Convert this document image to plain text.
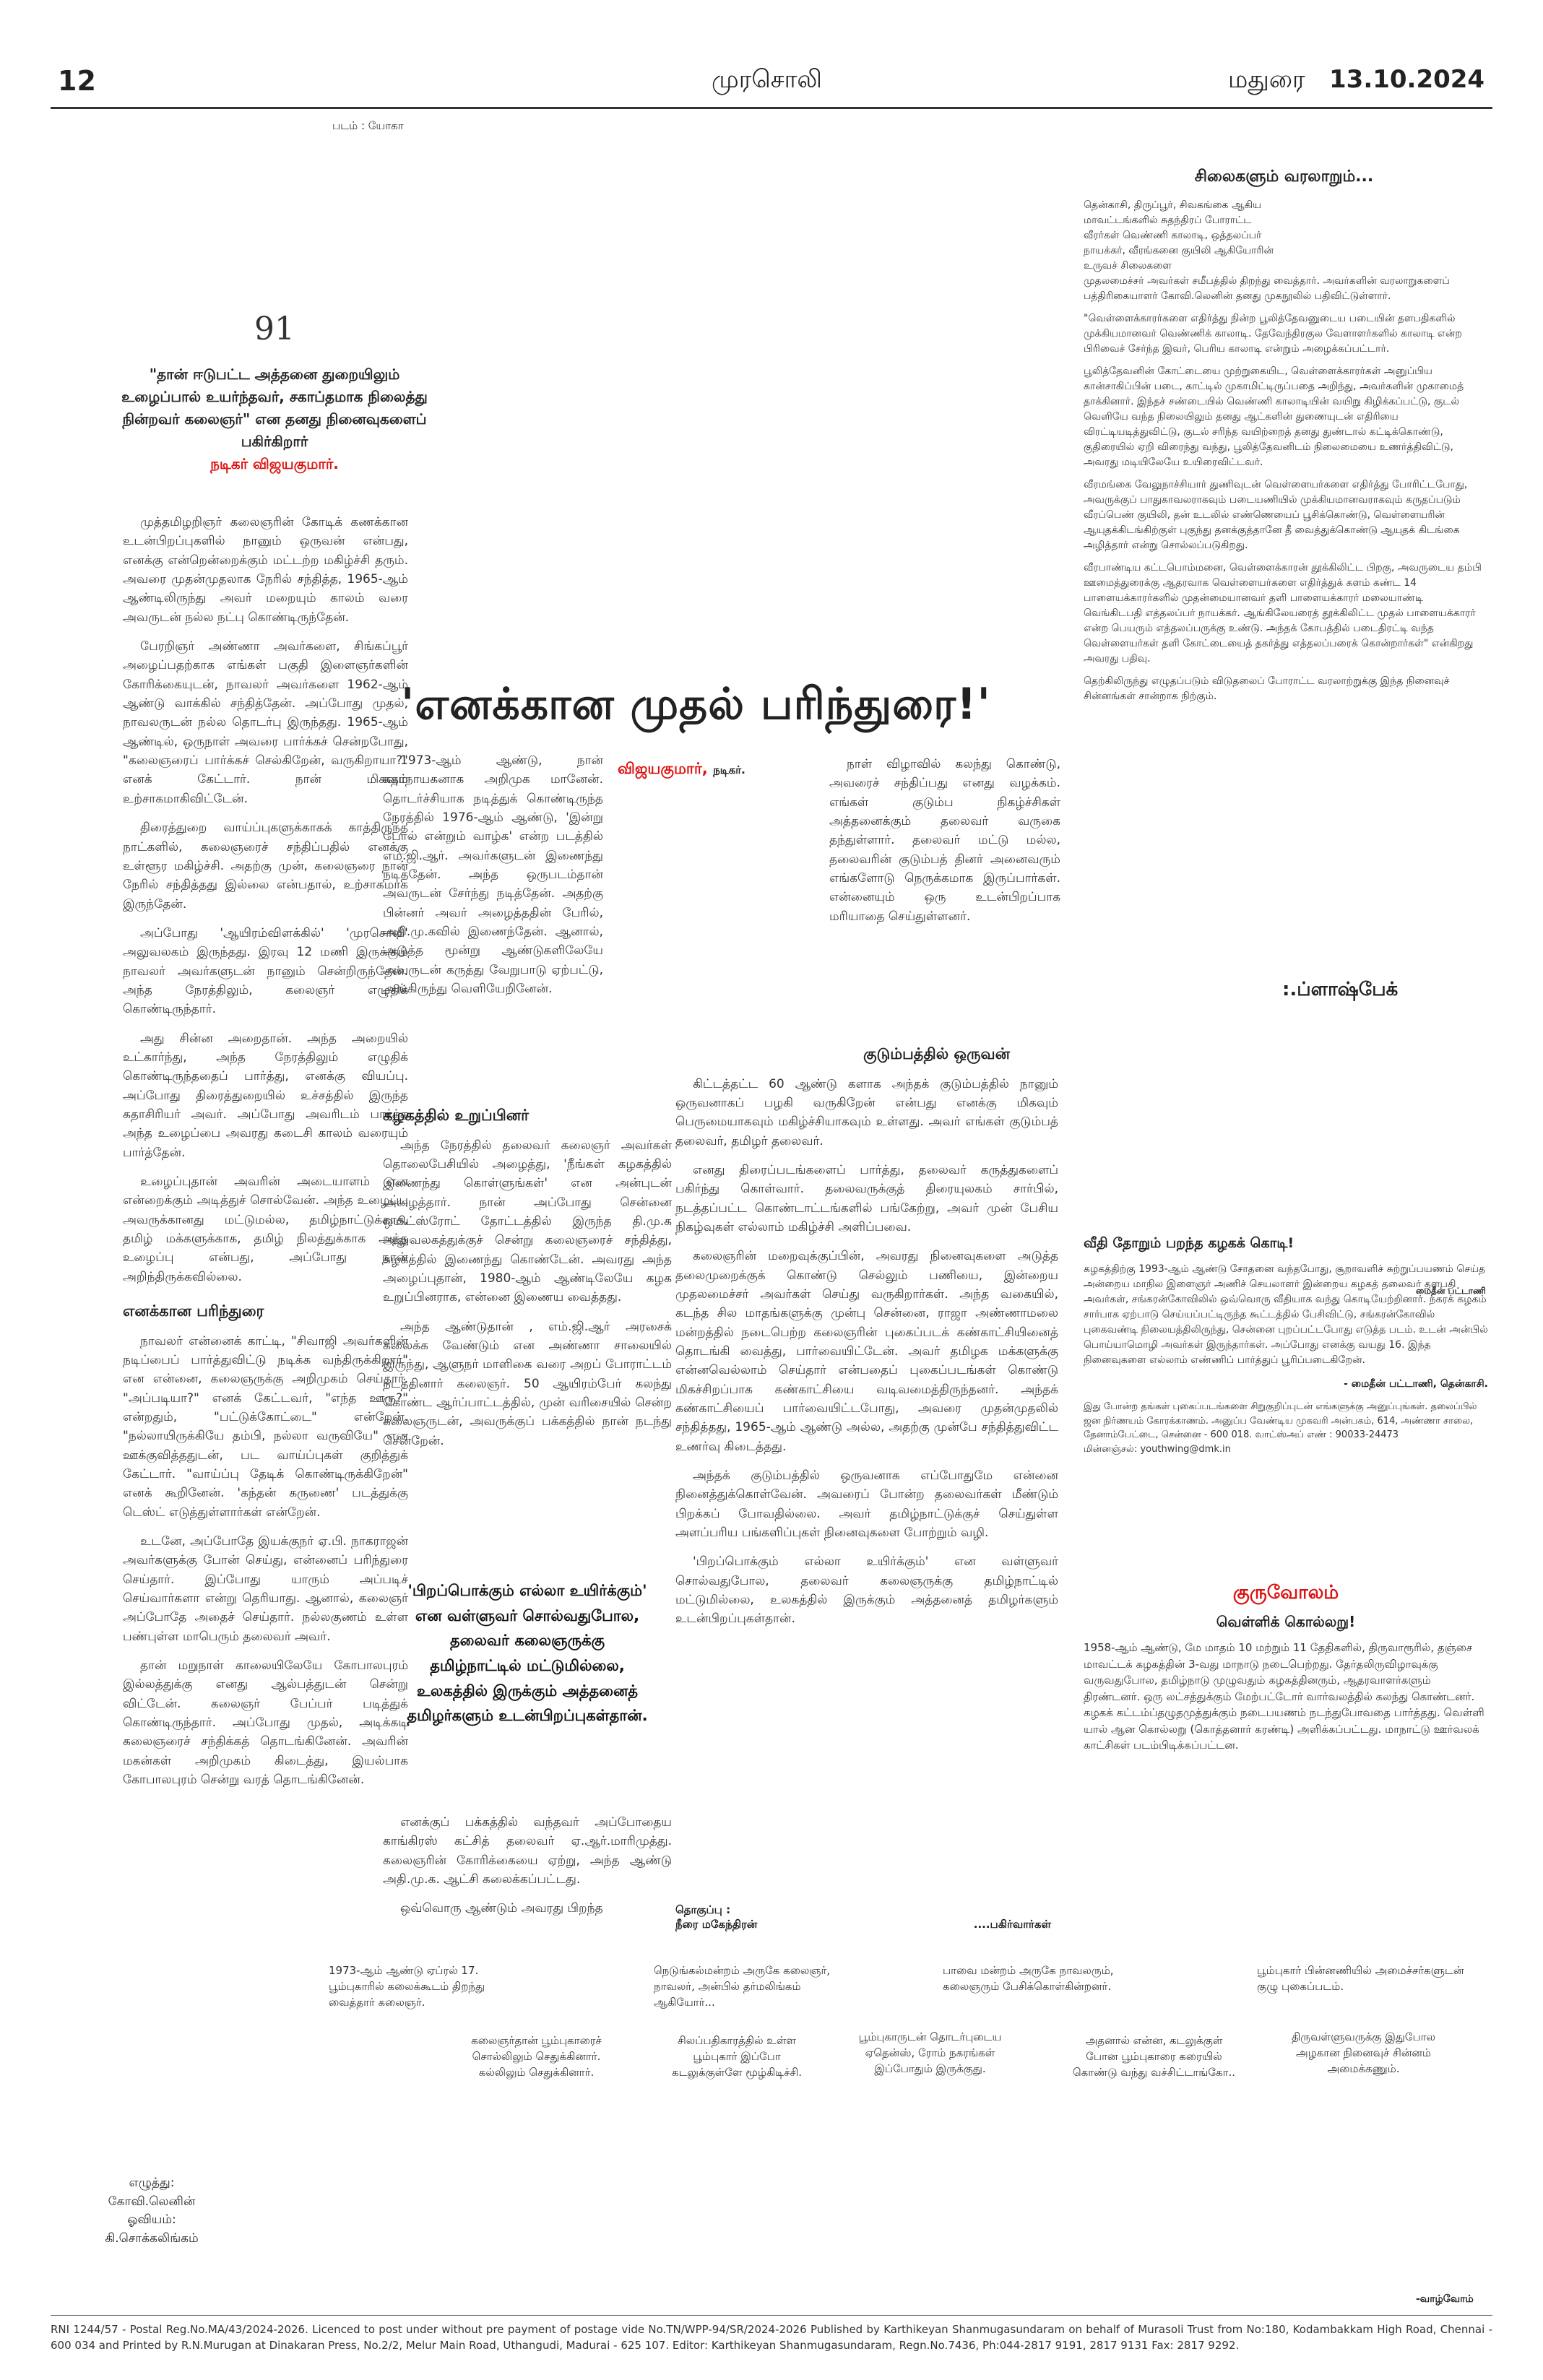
12	முரசொலி	மதுரை 13.10.2024
படம் : யோகா
91
"தான் ஈடுபட்ட அத்தனை துறையிலும் உழைப்பால் உயர்ந்தவர், சகாப்தமாக நிலைத்து நின்றவர் கலைஞர்" என தனது நினைவுகளைப் பகிர்கிறார்
நடிகர் விஜயகுமார்.
'எனக்கான முதல் பரிந்துரை!'

முத்தமிழறிஞர் கலைஞரின் கோடிக் கணக்கான உடன்பிறப்புகளில் நானும் ஒருவன் என்பது, எனக்கு என்றென்றைக்கும் மட்டற்ற மகிழ்ச்சி தரும். அவரை முதன்முதலாக நேரில் சந்தித்த, 1965-ஆம் ஆண்டிலிருந்து அவர் மறையும் காலம் வரை அவருடன் நல்ல நட்பு கொண்டிருந்தேன்.

பேரறிஞர் அண்ணா அவர்களை, சிங்கப்பூர் அழைப்பதற்காக எங்கள் பகுதி இளைஞர்களின் கோரிக்கையுடன், நாவலர் அவர்களை 1962-ஆம் ஆண்டு வாக்கில் சந்தித்தேன். அப்போது முதல், நாவலருடன் நல்ல தொடர்பு இருந்தது. 1965-ஆம் ஆண்டில், ஒருநாள் அவரை பார்க்கச் சென்றபோது, "கலைஞரைப் பார்க்கச் செல்கிறேன், வருகிறாயா?" எனக் கேட்டார். நான் மிகவும் உற்சாகமாகிவிட்டேன்.

திரைத்துறை வாய்ப்புகளுக்காகக் காத்திருந்த நாட்களில், கலைஞரைச் சந்திப்பதில் எனக்கு உள்ளூர மகிழ்ச்சி. அதற்கு முன், கலைஞரை நான் நேரில் சந்தித்தது இல்லை என்பதால், உற்சாகமாக இருந்தேன்.

அப்போது 'ஆயிரம்விளக்கில்' 'முரசொலி' அலுவலகம் இருந்தது. இரவு 12 மணி இருக்கும் நாவலர் அவர்களுடன் நானும் சென்றிருந்தேன். அந்த நேரத்திலும், கலைஞர் எழுதிக் கொண்டிருந்தார்.

அது சின்ன அறைதான். அந்த அறையில் உட்கார்ந்து, அந்த நேரத்திலும் எழுதிக் கொண்டிருந்ததைப் பார்த்து, எனக்கு வியப்பு. அப்போது திரைத்துறையில் உச்சத்தில் இருந்த கதாசிரியர் அவர். அப்போது அவரிடம் பார்த்த அந்த உழைப்பை அவரது கடைசி காலம் வரையும் பார்த்தேன்.

உழைப்புதான் அவரின் அடையாளம் என என்றைக்கும் அடித்துச் சொல்வேன். அந்த உழைப்பு அவருக்கானது மட்டுமல்ல, தமிழ்நாட்டுக்காக, தமிழ் மக்களுக்காக, தமிழ் நிலத்துக்காக அந்த உழைப்பு என்பது, அப்போது நான் அறிந்திருக்கவில்லை.

எனக்கான பரிந்துரை

நாவலர் என்னைக் காட்டி, "சிவாஜி அவர்களின் நடிப்பைப் பார்த்துவிட்டு நடிக்க வந்திருக்கிறார்" என என்னை, கலைஞருக்கு அறிமுகம் செய்தார். "அப்படியா?" எனக் கேட்டவர், "எந்த ஊரு?" என்றதும், "பட்டுக்கோட்டை" என்றேன். "நல்லாயிருக்கியே தம்பி, நல்லா வருவியே" என ஊக்குவித்ததுடன், பட வாய்ப்புகள் குறித்துக் கேட்டார். "வாய்ப்பு தேடிக் கொண்டிருக்கிறேன்" எனக் கூறினேன். 'கந்தன் கருணை' படத்துக்கு டெஸ்ட் எடுத்துள்ளார்கள் என்றேன்.

உடனே, அப்போதே இயக்குநர் ஏ.பி. நாகராஜன் அவர்களுக்கு போன் செய்து, என்னைப் பரிந்துரை செய்தார். இப்போது யாரும் அப்படிச் செய்வார்களா என்று தெரியாது. ஆனால், கலைஞர் அப்போதே அதைச் செய்தார். நல்லகுணம் உள்ள பண்புள்ள மாபெரும் தலைவர் அவர்.

தான் மறுநாள் காலையிலேயே கோபாலபுரம் இல்லத்துக்கு எனது ஆல்பத்துடன் சென்று விட்டேன். கலைஞர் பேப்பர் படித்துக் கொண்டிருந்தார். அப்போது முதல், அடிக்கடி கலைஞரைச் சந்திக்கத் தொடங்கினேன். அவரின் மகன்கள் அறிமுகம் கிடைத்து, இயல்பாக கோபாலபுரம் சென்று வரத் தொடங்கினேன்.

1973-ஆம் ஆண்டு, நான் கதாநாயகனாக அறிமுக மானேன். தொடர்ச்சியாக நடித்துக் கொண்டிருந்த நேரத்தில் 1976-ஆம் ஆண்டு, 'இன்று போல் என்றும் வாழ்க' என்ற படத்தில் எம்.ஜி.ஆர். அவர்களுடன் இணைந்து நடித்தேன். அந்த ஒருபடம்தான் அவருடன் சேர்ந்து நடித்தேன். அதற்கு பின்னர் அவர் அழைத்ததின் பேரில், அதி.மு.கவில் இணைந்தேன். ஆனால், அடுத்த மூன்று ஆண்டுகளிலேயே அவருடன் கருத்து வேறுபாடு ஏற்பட்டு, அங்கிருந்து வெளியேறினேன்.

கழகத்தில் உறுப்பினர்

அந்த நேரத்தில் தலைவர் கலைஞர் அவர்கள் தொலைபேசியில் அழைத்து, 'நீங்கள் கழகத்தில் இணைந்து கொள்ளுங்கள்' என அன்புடன் அழைத்தார். நான் அப்போது சென்னை ஒயிட்ஸ்ரோட் தோட்டத்தில் இருந்த தி.மு.க அலுவலகத்துக்குச் சென்று கலைஞரைச் சந்தித்து, கழகத்தில் இணைந்து கொண்டேன். அவரது அந்த அழைப்புதான், 1980-ஆம் ஆண்டிலேயே கழக உறுப்பினராக, என்னை இணைய வைத்தது.

அந்த ஆண்டுதான் , எம்.ஜி.ஆர் அரசைக் கலைக்க வேண்டும் என அண்ணா சாலையில் இருந்து, ஆளுநர் மாளிகை வரை அறப் போராட்டம் நடத்தினார் கலைஞர். 50 ஆயிரம்பேர் கலந்து கொண்ட ஆர்ப்பாட்டத்தில், முன் வரிசையில் சென்ற கலைஞருடன், அவருக்குப் பக்கத்தில் நான் நடந்து சென்றேன்.

'பிறப்பொக்கும் எல்லா உயிர்க்கும்' என வள்ளுவர் சொல்வதுபோல, தலைவர் கலைஞருக்கு தமிழ்நாட்டில் மட்டுமில்லை, உலகத்தில் இருக்கும் அத்தனைத் தமிழர்களும் உடன்பிறப்புகள்தான்.

எனக்குப் பக்கத்தில் வந்தவர் அப்போதைய காங்கிரஸ் கட்சித் தலைவர் ஏ.ஆர்.மாரிமுத்து. கலைஞரின் கோரிக்கையை ஏற்று, அந்த ஆண்டு அதி.மு.க. ஆட்சி கலைக்கப்பட்டது.

ஒவ்வொரு ஆண்டும் அவரது பிறந்த

விஜயகுமார், நடிகர்.	நாள் விழாவில் கலந்து கொண்டு, அவரைச் சந்திப்பது எனது வழக்கம். எங்கள் குடும்ப நிகழ்ச்சிகள் அத்தனைக்கும் தலைவர் வருகை தந்துள்ளார். தலைவர் மட்டு மல்ல, தலைவரின் குடும்பத் தினர் அனைவரும் எங்களோடு நெருக்கமாக இருப்பார்கள். என்னையும் ஒரு உடன்பிறப்பாக மரியாதை செய்துள்ளனர்.

குடும்பத்தில் ஒருவன்

கிட்டத்தட்ட 60 ஆண்டு களாக அந்தக் குடும்பத்தில் நானும் ஒருவனாகப் பழகி வருகிறேன் என்பது எனக்கு மிகவும் பெருமையாகவும் மகிழ்ச்சியாகவும் உள்ளது. அவர் எங்கள் குடும்பத் தலைவர், தமிழர் தலைவர்.

எனது திரைப்படங்களைப் பார்த்து, தலைவர் கருத்துகளைப் பகிர்ந்து கொள்வார். தலைவருக்குத் திரையுலகம் சார்பில், நடத்தப்பட்ட கொண்டாட்டங்களில் பங்கேற்று, அவர் முன் பேசிய நிகழ்வுகள் எல்லாம் மகிழ்ச்சி அளிப்பவை.

கலைஞரின் மறைவுக்குப்பின், அவரது நினைவுகளை அடுத்த தலைமுறைக்குக் கொண்டு செல்லும் பணியை, இன்றைய முதலமைச்சர் அவர்கள் செய்து வருகிறார்கள். அந்த வகையில், கடந்த சில மாதங்களுக்கு முன்பு சென்னை, ராஜா அண்ணாமலை மன்றத்தில் நடைபெற்ற கலைஞரின் புகைப்படக் கண்காட்சியினைத் தொடங்கி வைத்து, பார்வையிட்டேன். அவர் தமிழக மக்களுக்கு என்னவெல்லாம் செய்தார் என்பதைப் புகைப்படங்கள் கொண்டு மிகச்சிறப்பாக கண்காட்சியை வடிவமைத்திருந்தனர். அந்தக் கண்காட்சியைப் பார்வையிட்டபோது, அவரை முதன்முதலில் சந்தித்தது, 1965-ஆம் ஆண்டு அல்ல, அதற்கு முன்பே சந்தித்துவிட்ட உணர்வு கிடைத்தது.

அந்தக் குடும்பத்தில் ஒருவனாக எப்போதுமே என்னை நினைத்துக்கொள்வேன். அவரைப் போன்ற தலைவர்கள் மீண்டும் பிறக்கப் போவதில்லை. அவர் தமிழ்நாட்டுக்குச் செய்துள்ள அளப்பரிய பங்களிப்புகள் நினைவுகளை போற்றும் வழி.

'பிறப்பொக்கும் எல்லா உயிர்க்கும்' என வள்ளுவர் சொல்வதுபோல, தலைவர் கலைஞருக்கு தமிழ்நாட்டில் மட்டுமில்லை, உலகத்தில் இருக்கும் அத்தனைத் தமிழர்களும் உடன்பிறப்புகள்தான்.

தொகுப்பு :
நீரை மகேந்திரன்	....பகிர்வார்கள்
சிலைகளும் வரலாறும்...
தென்காசி, திருப்பூர், சிவகங்கை ஆகிய மாவட்டங்களில் சுதந்திரப் போராட்ட வீரர்கள் வெண்ணி காலாடி, ஒத்தலப்பர் நாயக்கர், வீரங்கனை குயிலி ஆகியோரின் உருவச் சிலைகளை
முதலமைச்சர் அவர்கள் சமீபத்தில் திறந்து வைத்தார். அவர்களின் வரலாறுகளைப் பத்திரிகையாளர் கோவி.லெனின் தனது முகநூலில் பதிவிட்டுள்ளார்.
"வெள்ளைக்காரர்களை எதிர்த்து நின்ற பூலித்தேவனுடைய படையின் தளபதிகளில் முக்கியமானவர் வெண்ணிக் காலாடி. தேவேந்திரகுல வேளாளர்களில் காலாடி என்ற பிரிவைச் சேர்ந்த இவர், பெரிய காலாடி என்றும் அழைக்கப்பட்டார்.
பூலித்தேவனின் கோட்டையை முற்றுகையிட, வெள்ளைக்காரர்கள் அனுப்பிய கான்சாகிப்பின் படை, காட்டில் முகாமிட்டிருப்பதை அறிந்து, அவர்களின் முகாமைத் தாக்கினார். இந்தச் சண்டையில் வெண்ணி காலாடியின் வயிறு கிழிக்கப்பட்டு, குடல் வெளியே வந்த நிலையிலும் தனது ஆட்களின் துணையுடன் எதிரியை விரட்டியடித்துவிட்டு, குடல் சரிந்த வயிற்றைத் தனது துண்டால் கட்டிக்கொண்டு, குதிரையில் ஏறி விரைந்து வந்து, பூலித்தேவனிடம் நிலைமையை உணர்த்திவிட்டு, அவரது மடியிலேயே உயிரைவிட்டவர்.
வீரமங்கை வேலுநாச்சியார் துணிவுடன் வெள்ளையர்களை எதிர்த்து போரிட்டபோது, அவருக்குப் பாதுகாவலராகவும் படையணியில் முக்கியமானவராகவும் கருதப்படும் வீரப்பெண் குயிலி, தன் உடலில் எண்ணெயைப் பூசிக்கொண்டு, வெள்ளையரின் ஆயுதக்கிடங்கிற்குள் புகுந்து தனக்குத்தானே தீ வைத்துக்கொண்டு ஆயுதக் கிடங்கை அழித்தார் என்று சொல்லப்படுகிறது.
வீரபாண்டிய கட்டபொம்மனை, வெள்ளைக்காரன் தூக்கிலிட்ட பிறகு, அவருடைய தம்பி ஊமைத்துரைக்கு ஆதரவாக வெள்ளையர்களை எதிர்த்துக் களம் கண்ட 14 பாளையக்காரர்களில் முதன்மையானவர் தளி பாளையக்காரர் மலையாண்டி வெங்கிடபதி எத்தலப்பர் நாயக்கர். ஆங்கிலேயரைத் தூக்கிலிட்ட முதல் பாளையக்காரர் என்ற பெயரும் எத்தலப்பருக்கு உண்டு. அந்தக் கோபத்தில் படைதிரட்டி வந்த வெள்ளையர்கள் தளி கோட்டையைத் தகர்த்து எத்தலப்பரைக் கொன்றார்கள்" என்கிறது அவரது பதிவு.
தெற்கிலிருந்து எழுதப்படும் விடுதலைப் போராட்ட வரலாற்றுக்கு இந்த நினைவுச் சின்னங்கள் சான்றாக நிற்கும்.
:.ப்ளாஷ்பேக்
வீதி தோறும் பறந்த கழகக் கொடி!
கழகத்திற்கு 1993-ஆம் ஆண்டு சோதனை வந்தபோது, சூறாவளிச் சுற்றுப்பயணம் செய்த அன்றைய மாநில இளைஞர் அணிச் செயலாளர் இன்றைய கழகத் தலைவர் தளபதி அவர்கள், சங்கரன்கோவிலில் ஒவ்வொரு வீதியாக வந்து கொடியேற்றினார். நகரக் கழகம் சார்பாக ஏற்பாடு செய்யப்பட்டிருந்த கூட்டத்தில் பேசிவிட்டு, சங்கரன்கோவில் புகைவண்டி நிலையத்திலிருந்து, சென்னை புறப்பட்டபோது எடுத்த படம். உடன் அன்பில் பொய்யாமொழி அவர்கள் இருந்தார்கள். அப்போது எனக்கு வயது 16. இந்த நினைவுகளை எல்லாம் எண்ணிப் பார்த்துப் பூரிப்படைகிறேன்.
- மைதீன் பட்டாணி, தென்காசி.
இது போன்ற தங்கள் புகைப்படங்களை சிறுகுறிப்புடன் எங்களுக்கு அனுப்புங்கள். தலைப்பில் ஜன நிர்ணயம் கோரக்காணம். அனுப்ப வேண்டிய முகவரி அன்பகம், 614, அண்ணா சாலை, தேனாம்பேட்டை, சென்னை - 600 018. வாட்ஸ்அப் எண் : 90033-24473
மின்னஞ்சல்: youthwing@dmk.in
மைதீன் பட்டாணி
குருவோலம்
வெள்ளிக் கொல்லறு!
1958-ஆம் ஆண்டு, மே மாதம் 10 மற்றும் 11 தேதிகளில், திருவாரூரில், தஞ்சை மாவட்டக் கழகத்தின் 3-வது மாநாடு நடைபெற்றது. தேர்தலிருவிழாவுக்கு வருவதுபோல, தமிழ்நாடு முழுவதும் கழகத்தினரும், ஆதரவாளர்களும் திரண்டனர். ஒரு லட்சத்துக்கும் மேற்பட்டோர் வார்வலத்தில் கலந்து கொண்டனர். கழகக் கட்டம்ப்தழுதமுத்துக்கும் நடைபயணம் நடந்துபோவதை பார்த்தது. வெள்ளி யால் ஆன கொல்லறு (கொத்தனார் கரண்டி) அளிக்கப்பட்டது. மாநாட்டு ஊர்வலக் காட்சிகள் படம்பிடிக்கப்பட்டன.
1973-ஆம் ஆண்டு ஏப்ரல் 17. பூம்புகாரில் கலைக்கூடம் திறந்து வைத்தார் கலைஞர்.
நெடுங்கல்மன்றம் அருகே கலைஞர், நாவலர், அன்பில் தர்மலிங்கம் ஆகியோர்...
பாவை மன்றம் அருகே நாவலரும், கலைஞரும் பேசிக்கொள்கின்றனர்.
பூம்புகார் பின்னணியில் அமைச்சர்களுடன் குழு புகைப்படம்.
கலைஞர்தான் பூம்புகாரைச் சொல்லிலும் செதுக்கினார். கல்லிலும் செதுக்கினார்.
சிலப்பதிகாரத்தில் உள்ள பூம்புகார் இப்போ கடலுக்குள்ளே மூழ்கிடிச்சி.
பூம்புகாருடன் தொடர்புடைய ஏதென்ஸ், ரோம் நகரங்கள் இப்போதும் இருக்குது.
அதனால் என்ன, கடலுக்குள் போன பூம்புகாரை கரையில் கொண்டு வந்து வச்சிட்டாங்கோ..
திருவள்ளுவருக்கு இதுபோல அழகான நினைவுச் சின்னம் அமைக்கணும்.
எழுத்து:
கோவி.லெனின்
ஓவியம்:
கி.சொக்கலிங்கம்
-வாழ்வோம்
RNI 1244/57 - Postal Reg.No.MA/43/2024-2026. Licenced to post under without pre payment of postage vide No.TN/WPP-94/SR/2024-2026 Published by Karthikeyan Shanmugasundaram on behalf of Murasoli Trust from No:180, Kodambakkam High Road, Chennai - 600 034 and Printed by R.N.Murugan at Dinakaran Press, No.2/2, Melur Main Road, Uthangudi, Madurai - 625 107. Editor: Karthikeyan Shanmugasundaram, Regn.No.7436, Ph:044-2817 9191, 2817 9131 Fax: 2817 9292.
